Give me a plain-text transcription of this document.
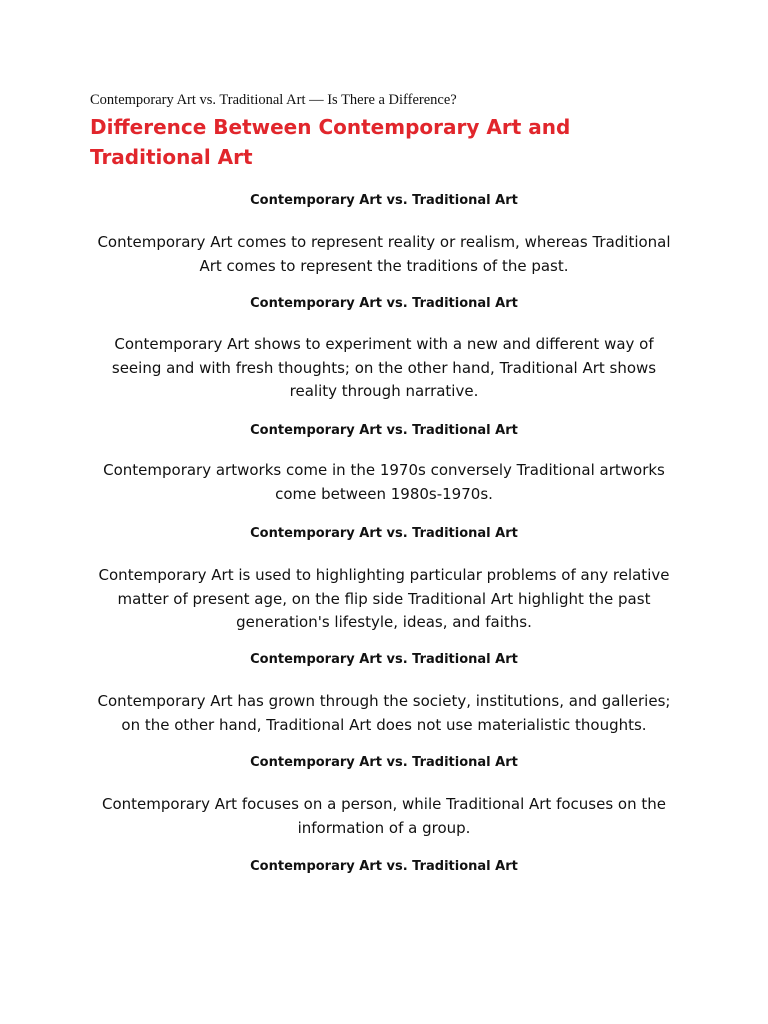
Contemporary Art vs. Traditional Art — Is There a Difference?

Difference Between Contemporary Art and Traditional Art

Contemporary Art vs. Traditional Art

Contemporary Art comes to represent reality or realism, whereas Traditional Art comes to represent the traditions of the past.

Contemporary Art vs. Traditional Art

Contemporary Art shows to experiment with a new and different way of seeing and with fresh thoughts; on the other hand, Traditional Art shows reality through narrative.

Contemporary Art vs. Traditional Art

Contemporary artworks come in the 1970s conversely Traditional artworks come between 1980s-1970s.

Contemporary Art vs. Traditional Art

Contemporary Art is used to highlighting particular problems of any relative matter of present age, on the flip side Traditional Art highlight the past generation's lifestyle, ideas, and faiths.

Contemporary Art vs. Traditional Art

Contemporary Art has grown through the society, institutions, and galleries; on the other hand, Traditional Art does not use materialistic thoughts.

Contemporary Art vs. Traditional Art

Contemporary Art focuses on a person, while Traditional Art focuses on the information of a group.

Contemporary Art vs. Traditional Art
